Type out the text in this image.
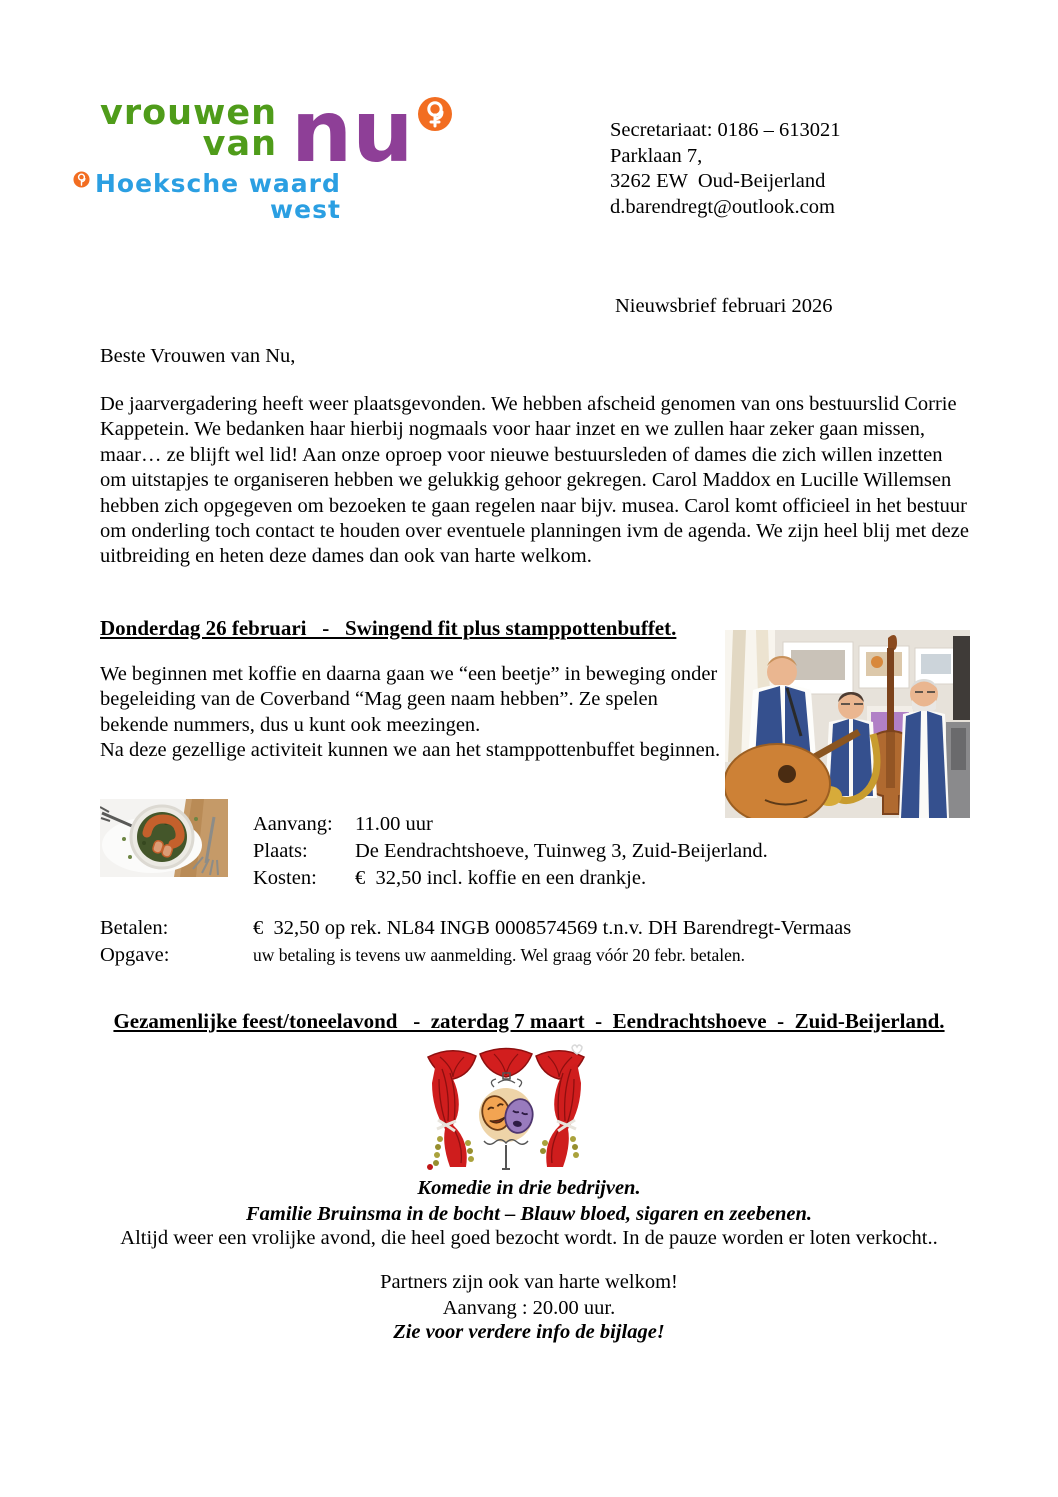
vrouwen
van nu
Hoeksche waard
west
Secretariaat: 0186 – 613021
Parklaan 7,
3262 EW  Oud-Beijerland
d.barendregt@outlook.com
Nieuwsbrief februari 2026
Beste Vrouwen van Nu,
De jaarvergadering heeft weer plaatsgevonden. We hebben afscheid genomen van ons bestuurslid Corrie Kappetein. We bedanken haar hierbij nogmaals voor haar inzet en we zullen haar zeker gaan missen, maar… ze blijft wel lid! Aan onze oproep voor nieuwe bestuursleden of dames die zich willen inzetten om uitstapjes te organiseren hebben we gelukkig gehoor gekregen. Carol Maddox en Lucille Willemsen hebben zich opgegeven om bezoeken te gaan regelen naar bijv. musea. Carol komt officieel in het bestuur om onderling toch contact te houden over eventuele planningen ivm de agenda. We zijn heel blij met deze uitbreiding en heten deze dames dan ook van harte welkom.
Donderdag 26 februari   -   Swingend fit plus stamppottenbuffet.
We beginnen met koffie en daarna gaan we “een beetje” in beweging onder begeleiding van de Coverband “Mag geen naam hebben”. Ze spelen bekende nummers, dus u kunt ook meezingen.
Na deze gezellige activiteit kunnen we aan het stamppottenbuffet beginnen.
Aanvang:	11.00 uur
Plaats:	De Eendrachtshoeve, Tuinweg 3, Zuid-Beijerland.
Kosten:	€  32,50 incl. koffie en een drankje.
Betalen:	€  32,50 op rek. NL84 INGB 0008574569 t.n.v. DH Barendregt-Vermaas
Opgave:	uw betaling is tevens uw aanmelding. Wel graag vóór 20 febr. betalen.
Gezamenlijke feest/toneelavond   -  zaterdag 7 maart  -  Eendrachtshoeve  -  Zuid-Beijerland.
Komedie in drie bedrijven.
Familie Bruinsma in de bocht – Blauw bloed, sigaren en zeebenen.
Altijd weer een vrolijke avond, die heel goed bezocht wordt. In de pauze worden er loten verkocht..
Partners zijn ook van harte welkom!
Aanvang : 20.00 uur.
Zie voor verdere info de bijlage!
